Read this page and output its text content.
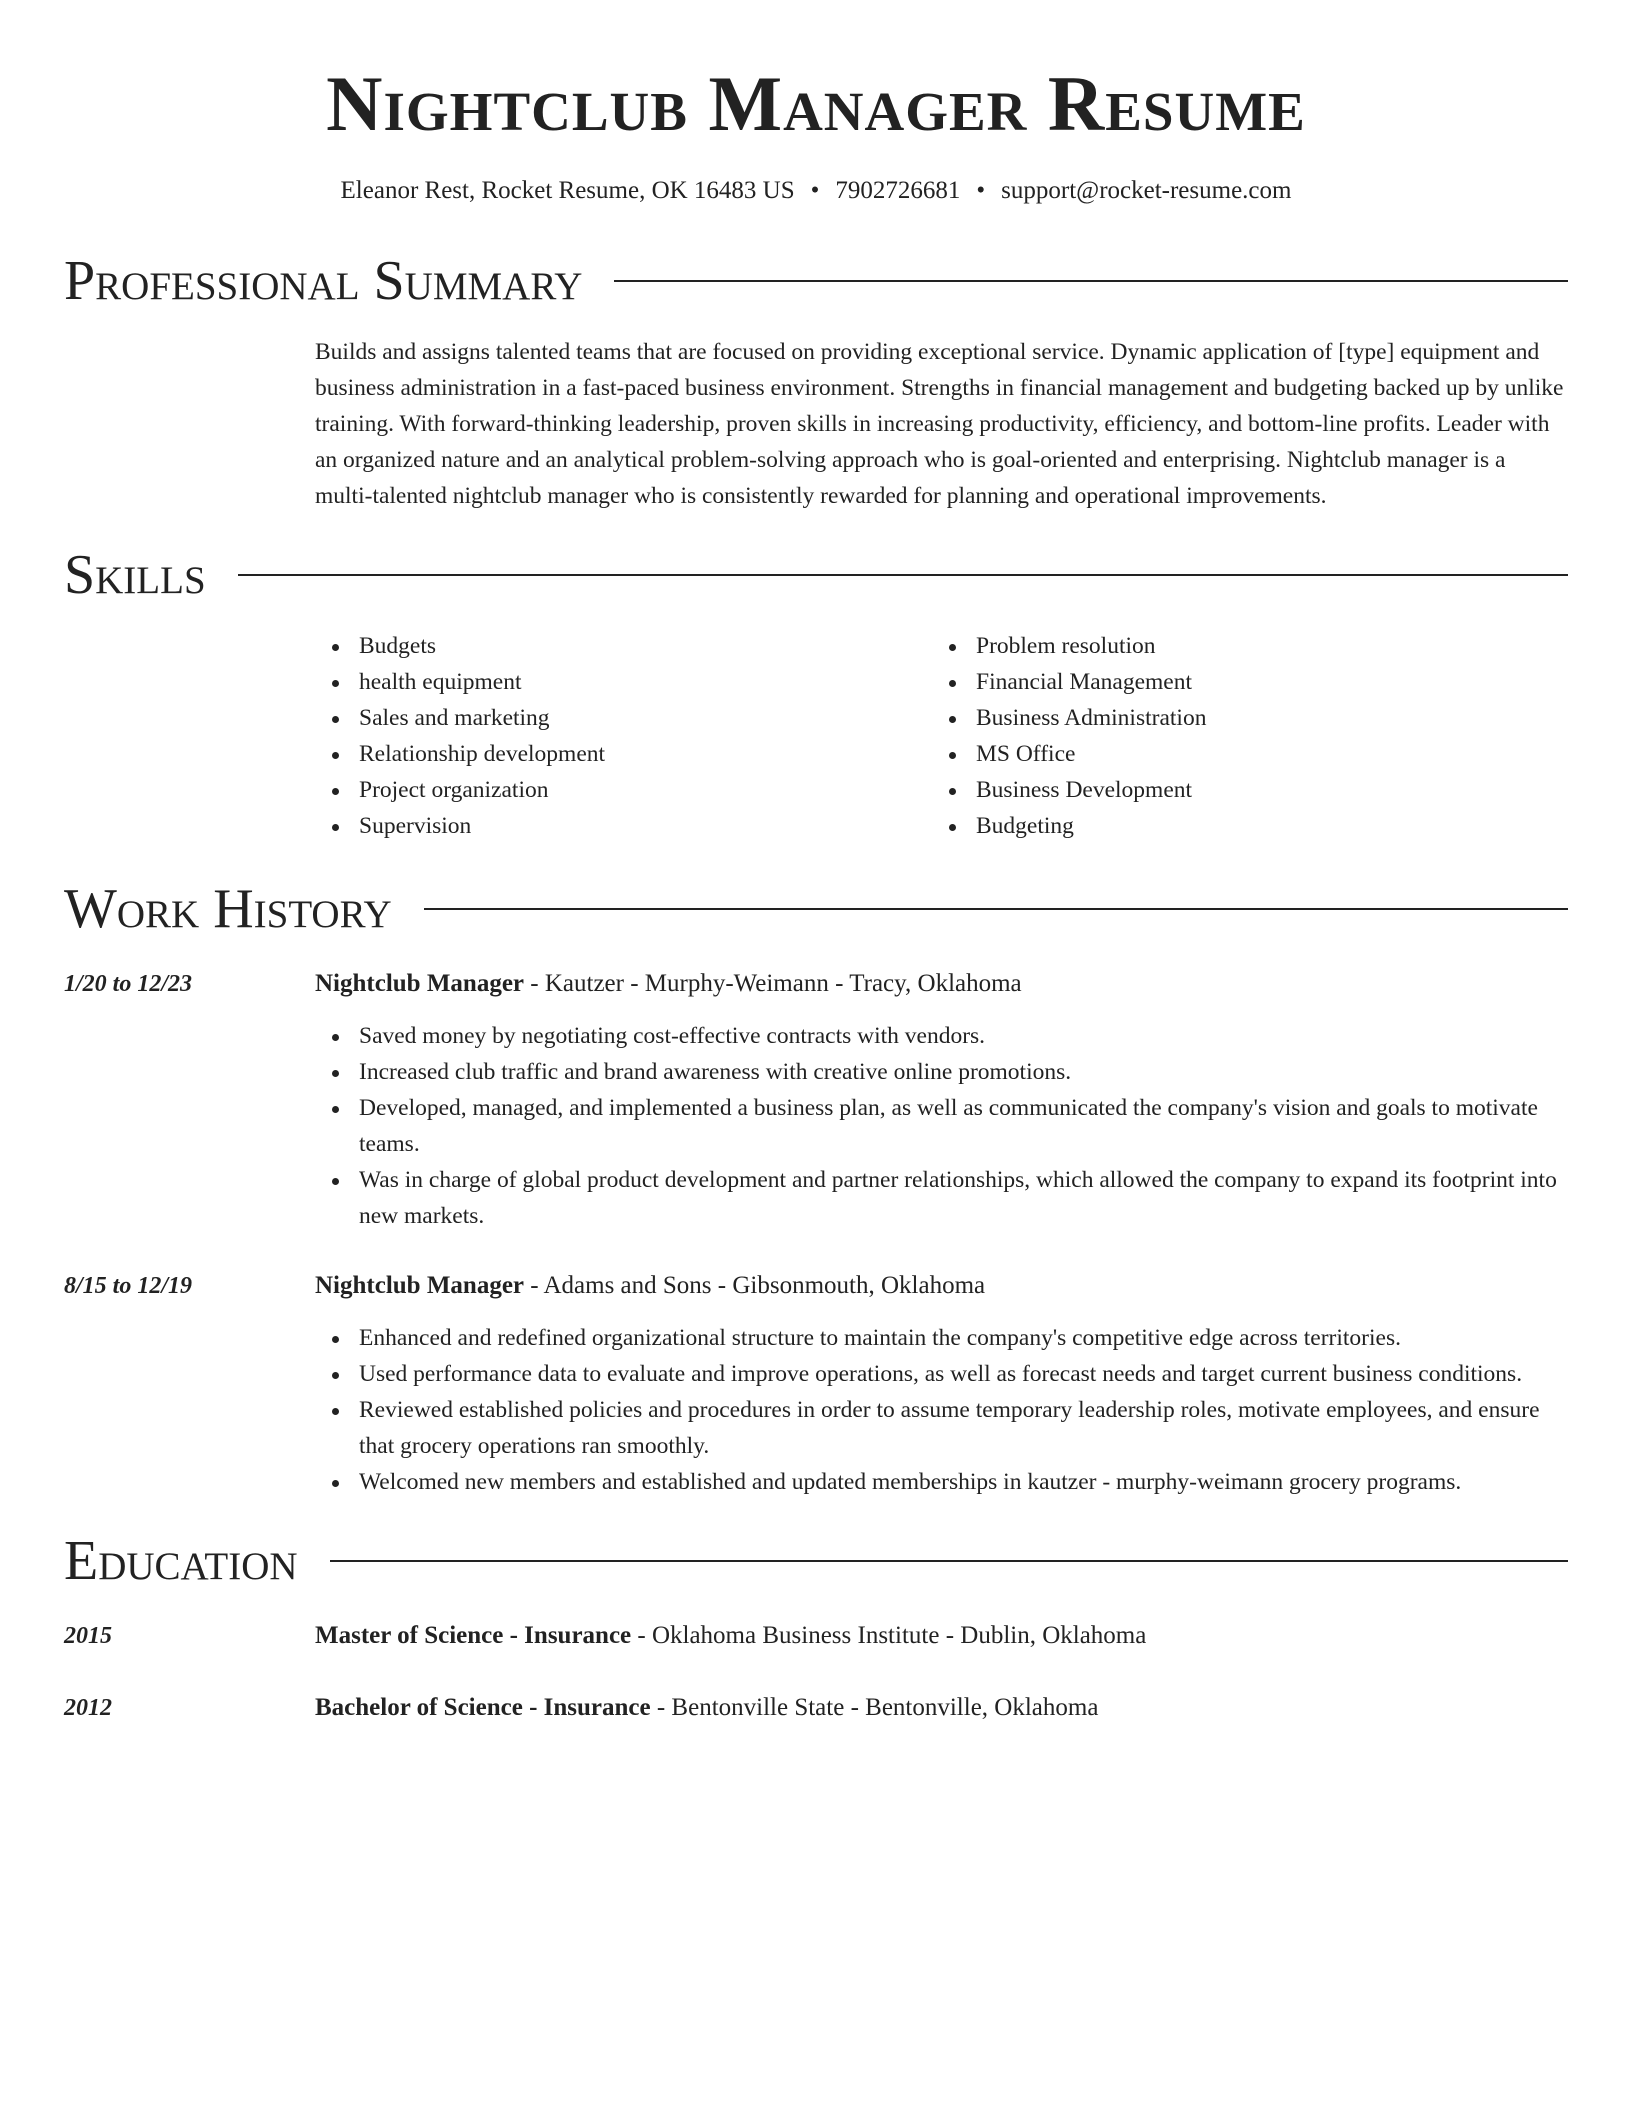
Nightclub Manager Resume
Eleanor Rest, Rocket Resume, OK 16483 US • 7902726681 • support@rocket-resume.com
Professional Summary

Builds and assigns talented teams that are focused on providing exceptional service. Dynamic application of [type] equipment and business administration in a fast-paced business environment. Strengths in financial management and budgeting backed up by unlike training. With forward-thinking leadership, proven skills in increasing productivity, efficiency, and bottom-line profits. Leader with an organized nature and an analytical problem-solving approach who is goal-oriented and enterprising. Nightclub manager is a multi-talented nightclub manager who is consistently rewarded for planning and operational improvements.

Skills
Budgets
health equipment
Sales and marketing
Relationship development
Project organization
Supervision
Problem resolution
Financial Management
Business Administration
MS Office
Business Development
Budgeting
Work History
1/20 to 12/23	Nightclub Manager - Kautzer - Murphy-Weimann - Tracy, Oklahoma
Saved money by negotiating cost-effective contracts with vendors.
Increased club traffic and brand awareness with creative online promotions.
Developed, managed, and implemented a business plan, as well as communicated the company's vision and goals to motivate teams.
Was in charge of global product development and partner relationships, which allowed the company to expand its footprint into new markets.
8/15 to 12/19	Nightclub Manager - Adams and Sons - Gibsonmouth, Oklahoma
Enhanced and redefined organizational structure to maintain the company's competitive edge across territories.
Used performance data to evaluate and improve operations, as well as forecast needs and target current business conditions.
Reviewed established policies and procedures in order to assume temporary leadership roles, motivate employees, and ensure that grocery operations ran smoothly.
Welcomed new members and established and updated memberships in kautzer - murphy-weimann grocery programs.
Education
2015	Master of Science - Insurance - Oklahoma Business Institute - Dublin, Oklahoma
2012	Bachelor of Science - Insurance - Bentonville State - Bentonville, Oklahoma
